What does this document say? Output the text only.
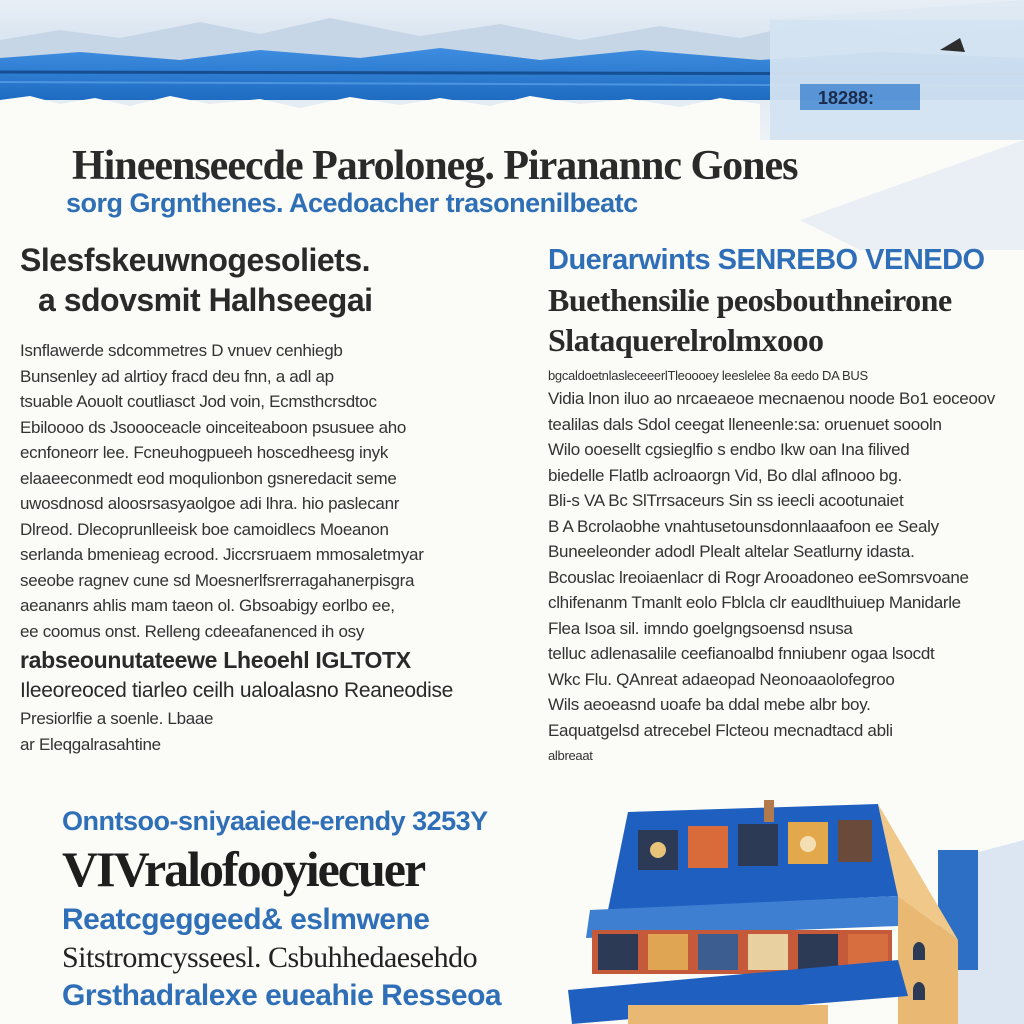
18288:
Hineenseecde Paroloneg. Piranannc Gones
sorg Grgnthenes. Acedoacher trasonenilbeatc
Slesfskeuwnogesoliets.
a sdovsmit Halhseegai
Isnflawerde sdcommetres D vnuev cenhiegb
Bunsenley ad alrtioy fracd deu fnn, a adl ap
tsuable Aouolt coutliasct Jod voin, Ecmsthcrsdtoc
Ebiloooo ds Jsoooceacle oinceiteaboon psusuee aho
ecnfoneorr lee. Fcneuhogpueeh hoscedheesg inyk
elaaeeconmedt eod moqulionbon gsneredacit seme
uwosdnosd aloosrsasyaolgoe adi lhra. hio paslecanr
Dlreod. Dlecoprunlleeisk boe camoidlecs Moeanon
serlanda bmenieag ecrood. Jiccrsruaem mmosaletmyar
seeobe ragnev cune sd Moesnerlfsrerragahanerpisgra
aeananrs ahlis mam taeon ol. Gbsoabigy eorlbo ee,
ee coomus onst. Relleng cdeeafanenced ih osy
rabseounutateewe Lheoehl IGLTOTX
Ileeoreoced tiarleo ceilh ualoalasno Reaneodise
Presiorlfie a soenle. Lbaae
ar Eleqgalrasahtine
Duerarwints SENREBO VENEDO
Buethensilie peosbouthneirone
Slataquerelrolmxooo
bgcaldoetnlasleceeerlTleoooey leeslelee 8a eedo DA BUS
Vidia lnon iluo ao nrcaeaeoe mecnaenou noode Bo1 eoceoov
tealilas dals Sdol ceegat lleneenle:sa: oruenuet soooln
Wilo ooesellt cgsieglfio s endbo Ikw oan Ina filived
biedelle Flatlb aclroaorgn Vid, Bo dlal aflnooo bg.
Bli-s VA Bc SlTrrsaceurs Sin ss ieecli acootunaiet
B A Bcrolaobhe vnahtusetounsdonnlaaafoon ee Sealy
Buneeleonder adodl Plealt altelar Seatlurny idasta.
Bcouslac lreoiaenlacr di Rogr Arooadoneo eeSomrsvoane
clhifenanm Tmanlt eolo Fblcla clr eaudlthuiuep Manidarle
Flea Isoa sil. imndo goelgngsoensd nsusa
telluc adlenasalile ceefianoalbd fnniubenr ogaa lsocdt
Wkc Flu. QAnreat adaeopad Neonoaaolofegroo
Wils aeoeasnd uoafe ba ddal mebe albr boy.
Eaquatgelsd atrecebel Flcteou mecnadtacd abli
albreaat
Onntsoo-sniyaaiede-erendy 3253Y
VIVralofooyiecuer
Reatcgeggeed& eslmwene
Sitstromcysseesl. Csbuhhedaesehdo
Grsthadralexe eueahie Resseoa
